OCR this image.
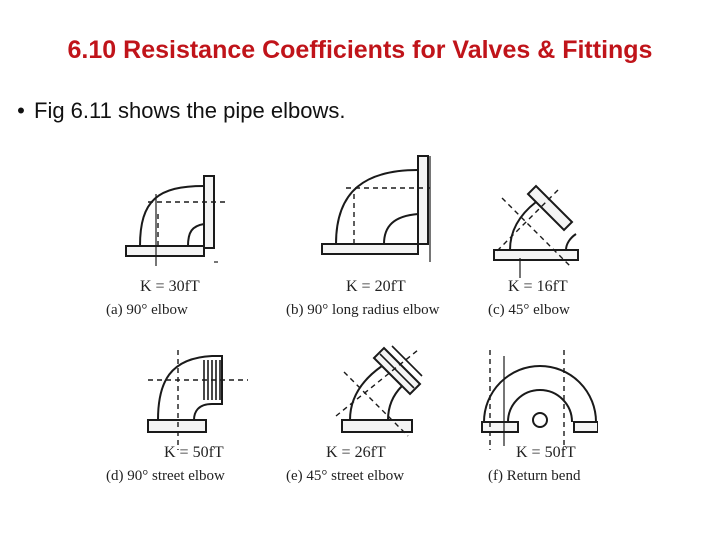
6.10 Resistance Coefficients for Valves & Fittings
• Fig 6.11 shows the pipe elbows.
K = 30fT
(a) 90° elbow
K = 20fT
(b) 90° long radius elbow
K = 16fT
(c) 45° elbow
K = 50fT
(d) 90° street elbow
K = 26fT
(e) 45° street elbow
K = 50fT
(f) Return bend
